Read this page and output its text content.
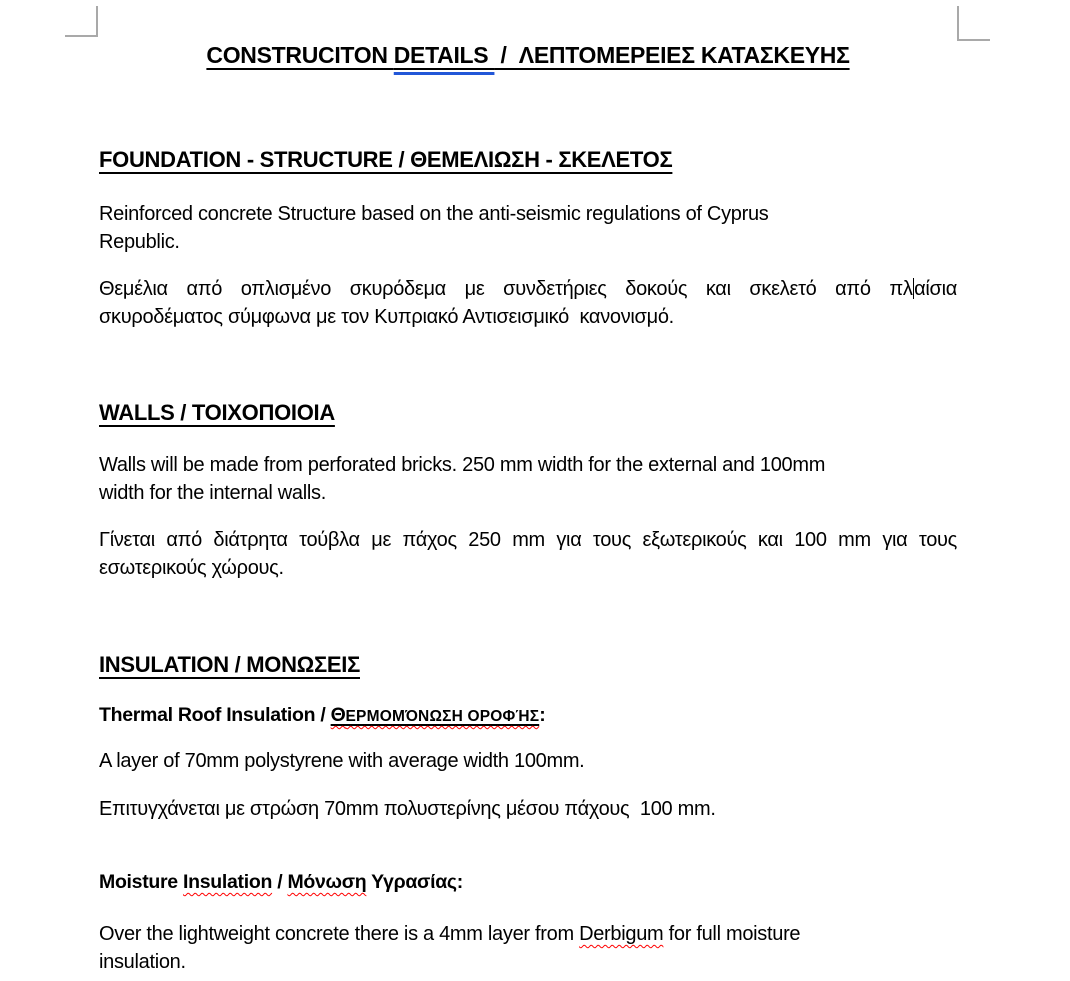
CONSTRUCITON DETAILS  /  ΛΕΠΤΟΜΕΡΕΙΕΣ ΚΑΤΑΣΚΕΥΗΣ
FOUNDATION - STRUCTURE / ΘΕΜΕΛΙΩΣΗ - ΣΚΕΛΕΤΟΣ
Reinforced concrete Structure based on the anti-seismic regulations of Cyprus
Republic.
Θεμέλια από οπλισμένο σκυρόδεμα με συνδετήριες δοκούς και σκελετό από πλαίσια
σκυροδέματος σύμφωνα με τον Κυπριακό Αντισεισμικό  κανονισμό.
WALLS / ΤΟΙΧΟΠΟΙΟΙΑ
Walls will be made from perforated bricks. 250 mm width for the external and 100mm
width for the internal walls.
Γίνεται από διάτρητα τούβλα με πάχος 250 mm για τους εξωτερικούς και 100 mm για τους
εσωτερικούς χώρους.
INSULATION / ΜΟΝΩΣΕΙΣ
Thermal Roof Insulation / ΘΕΡΜΟΜΌΝΩΣΗ ΟΡΟΦΉΣ:
A layer of 70mm polystyrene with average width 100mm.
Επιτυγχάνεται με στρώση 70mm πολυστερίνης μέσου πάχους  100 mm.
Moisture Insulation / Μόνωση Υγρασίας:
Over the lightweight concrete there is a 4mm layer from Derbigum for full moisture
insulation.
